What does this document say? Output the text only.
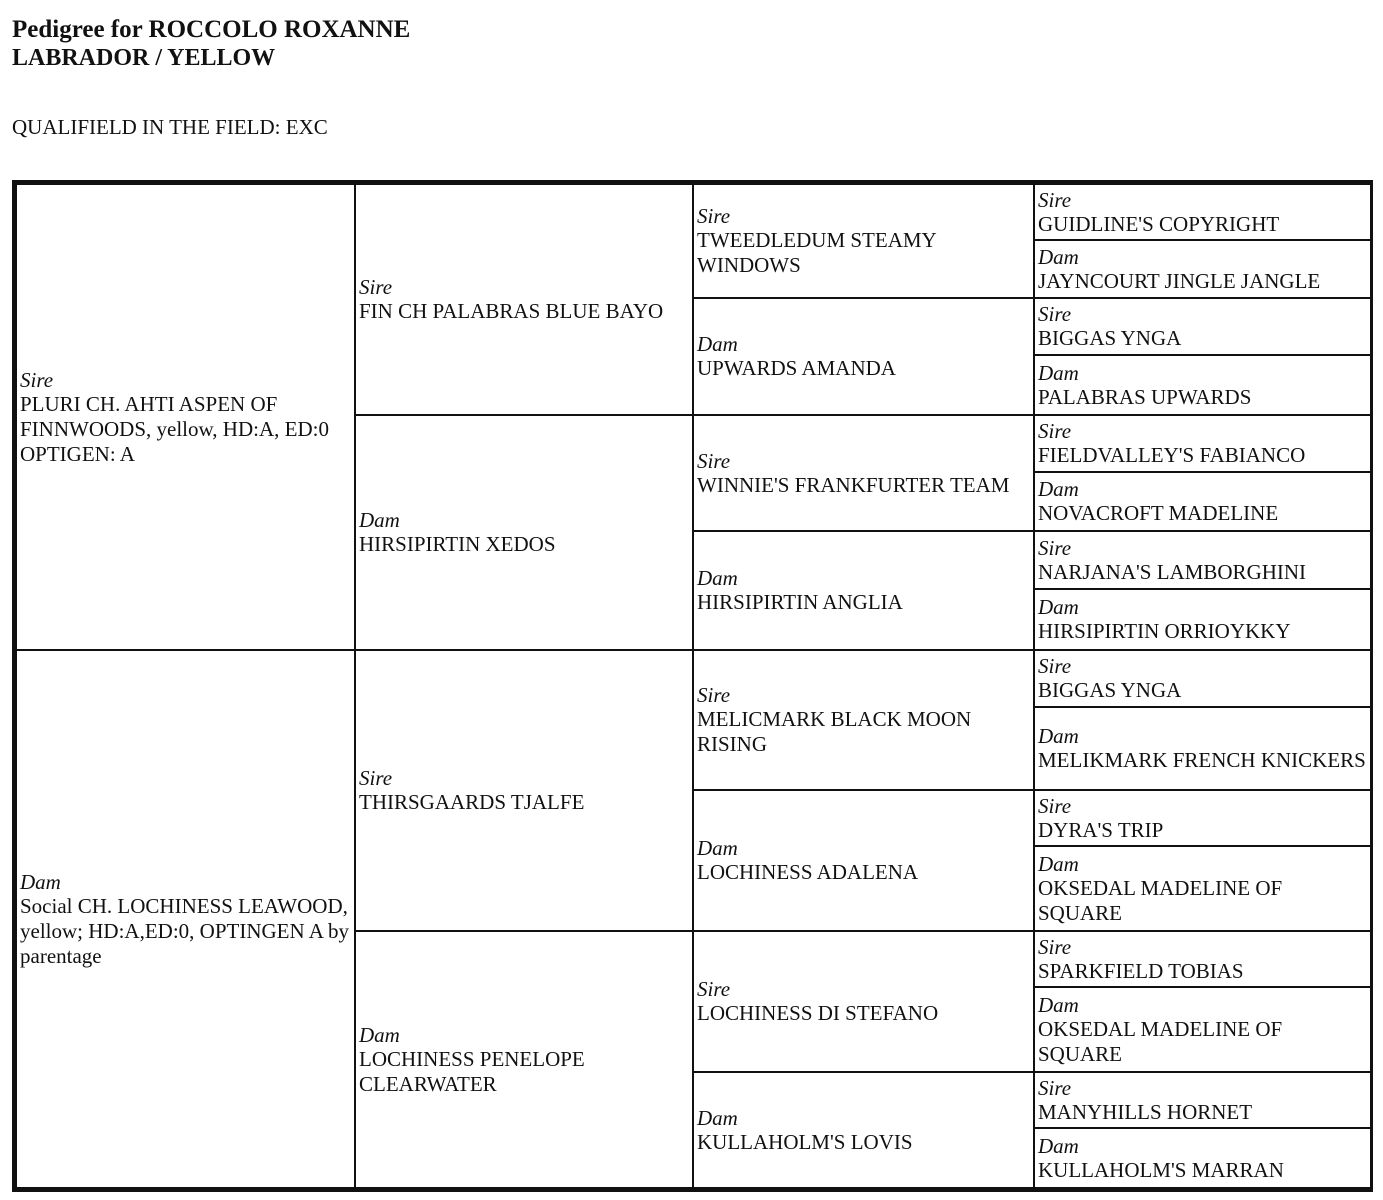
Pedigree for ROCCOLO ROXANNE
LABRADOR / YELLOW
QUALIFIELD IN THE FIELD: EXC
Sire
PLURI CH. AHTI ASPEN OF FINNWOODS, yellow, HD:A, ED:0 OPTIGEN: A
Dam
Social CH. LOCHINESS LEAWOOD, yellow; HD:A,ED:0, OPTINGEN A by parentage
Sire
FIN CH PALABRAS BLUE BAYO
Dam
HIRSIPIRTIN XEDOS
Sire
THIRSGAARDS TJALFE
Dam
LOCHINESS PENELOPE CLEARWATER
Sire
TWEEDLEDUM STEAMY WINDOWS
Dam
UPWARDS AMANDA
Sire
WINNIE'S FRANKFURTER TEAM
Dam
HIRSIPIRTIN ANGLIA
Sire
MELICMARK BLACK MOON RISING
Dam
LOCHINESS ADALENA
Sire
LOCHINESS DI STEFANO
Dam
KULLAHOLM'S LOVIS
Sire
GUIDLINE'S COPYRIGHT
Dam
JAYNCOURT JINGLE JANGLE
Sire
BIGGAS YNGA
Dam
PALABRAS UPWARDS
Sire
FIELDVALLEY'S FABIANCO
Dam
NOVACROFT MADELINE
Sire
NARJANA'S LAMBORGHINI
Dam
HIRSIPIRTIN ORRIOYKKY
Sire
BIGGAS YNGA
Dam
MELIKMARK FRENCH KNICKERS
Sire
DYRA'S TRIP
Dam
OKSEDAL MADELINE OF SQUARE
Sire
SPARKFIELD TOBIAS
Dam
OKSEDAL MADELINE OF SQUARE
Sire
MANYHILLS HORNET
Dam
KULLAHOLM'S MARRAN
